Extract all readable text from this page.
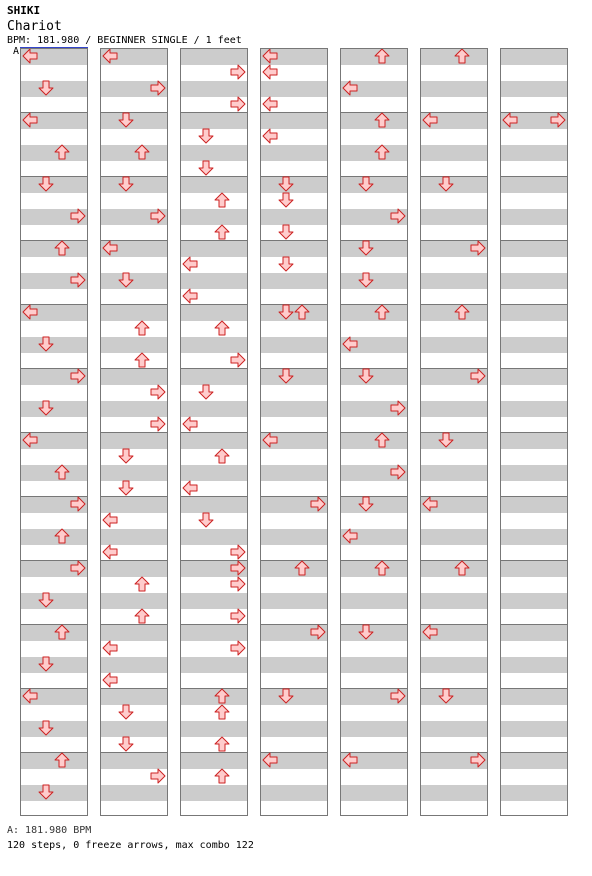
SHIKI
Chariot
BPM: 181.980 / BEGINNER SINGLE / 1 feet
A
A: 181.980 BPM
120 steps, 0 freeze arrows, max combo 122
